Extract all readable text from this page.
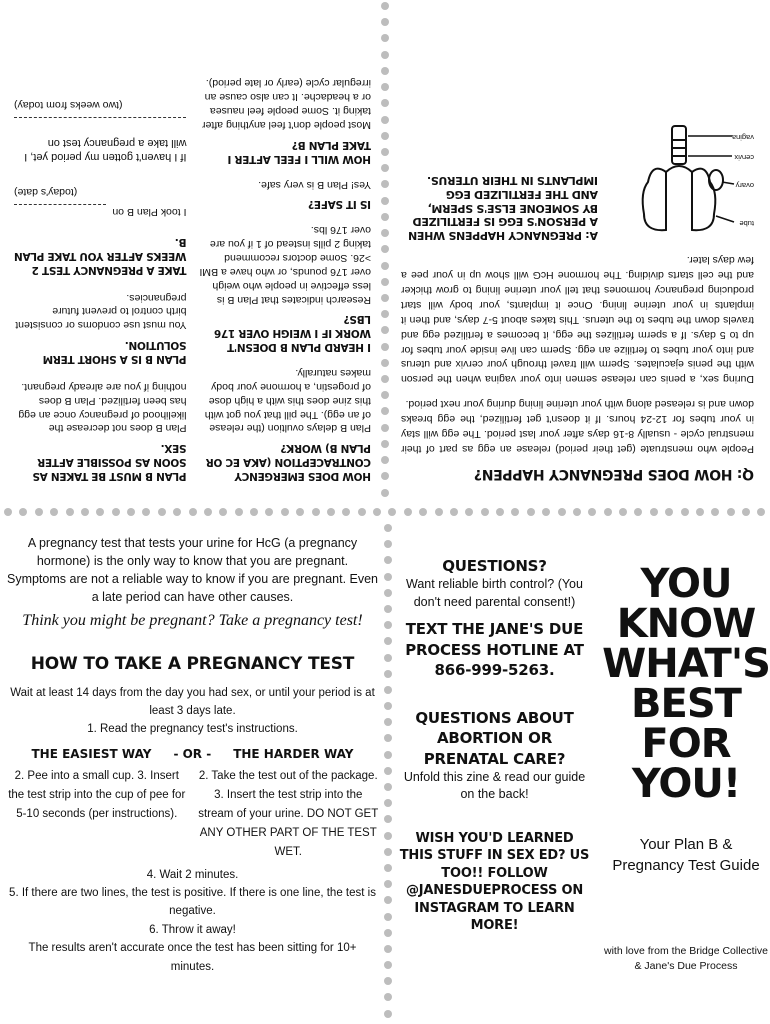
HOW DOES EMERGENCY CONTRACEPTION (AKA EC OR PLAN B) WORK?

Plan B delays ovultion (the release of an egg). The pill that you got with this zine does this with a high dose of progestin, a hormone your body makes naturally.

I HEARD PLAN B DOESN'T WORK IF I WEIGH OVER 176 LBS?

Research indicates that Plan B is less effective in people who weigh over 176 pounds, or who have a BMI >26. Some doctors recommend taking 2 pills instead of 1 if you are over 176 lbs.

IS IT SAFE?

Yes! Plan B is very safe.

HOW WILL I FEEL AFTER I TAKE PLAN B?

Most people don't feel anything after taking it. Some people feel nausea or a headache. It can also cause an irregular cycle (early or late period).

PLAN B MUST BE TAKEN AS SOON AS POSSIBLE AFTER SEX.

Plan B does not decrease the likelihood of pregnancy once an egg has been fertilized. Plan B does nothing if you are already pregnant.

PLAN B IS A SHORT TERM SOLUTION.

You must use condoms or consistent birth control to prevent future pregnancies.

TAKE A PREGNANCY TEST 2 WEEKS AFTER YOU TAKE PLAN B.
I took Plan B on
(today's date)

If I haven't gotten my period yet, I will take a pregnancy test on

(two weeks from today)
Q: HOW DOES PREGNANCY HAPPEN?

People who menstruate (get their period) release an egg as part of their menstrual cycle - usually 8-16 days after your last period. The egg will stay in your tubes for 12-24 hours. If it doesn't get fertilized, the egg breaks down and is released along with your uterine lining during your next period.

During sex, a penis can release semen into your vagina when the person with the penis ejaculates. Sperm will travel through your cervix and uterus and into your tubes to fertilize an egg. Sperm can live inside your tubes for up to 5 days. If a sperm fertilizes the egg, it becomes a fertilized egg and travels down the tubes to the uterus. This takes about 5-7 days, and then it implants in your uterine lining. Once it implants, your body will start producing pregnancy hormones that tell your uterine lining to grow thicker and the cell starts dividing. The hormone HcG will show up in your pee a few days later.

tube
ovary
cervix
vagina
A: PREGNANCY HAPPENS WHEN A PERSON'S EGG IS FERTILIZED BY SOMEONE ELSE'S SPERM, AND THE FERTILIZED EGG IMPLANTS IN THEIR UTERUS.

A pregnancy test that tests your urine for HcG (a pregnancy hormone) is the only way to know that you are pregnant. Symptoms are not a reliable way to know if you are pregnant. Even a late period can have other causes.

Think you might be pregnant? Take a pregnancy test!

HOW TO TAKE A PREGNANCY TEST

Wait at least 14 days from the day you had sex, or until your period is at least 3 days late.

1. Read the pregnancy test's instructions.

THE EASIEST WAY - OR - THE HARDER WAY
2. Pee into a small cup. 3. Insert the test strip into the cup of pee for 5-10 seconds (per instructions).
2. Take the test out of the package. 3. Insert the test strip into the stream of your urine. DO NOT GET ANY OTHER PART OF THE TEST WET.

4. Wait 2 minutes.

5. If there are two lines, the test is positive. If there is one line, the test is negative.

6. Throw it away!

The results aren't accurate once the test has been sitting for 10+ minutes.

QUESTIONS?

Want reliable birth control? (You don't need parental consent!)

TEXT THE JANE'S DUE PROCESS HOTLINE AT 866-999-5263.
QUESTIONS ABOUT ABORTION OR PRENATAL CARE?

Unfold this zine & read our guide on the back!

WISH YOU'D LEARNED THIS STUFF IN SEX ED? US TOO!! FOLLOW @JANESDUEPROCESS ON INSTAGRAM TO LEARN MORE!
YOU KNOW WHAT'S BEST FOR YOU!
Your Plan B & Pregnancy Test Guide
with love from the Bridge Collective & Jane's Due Process
